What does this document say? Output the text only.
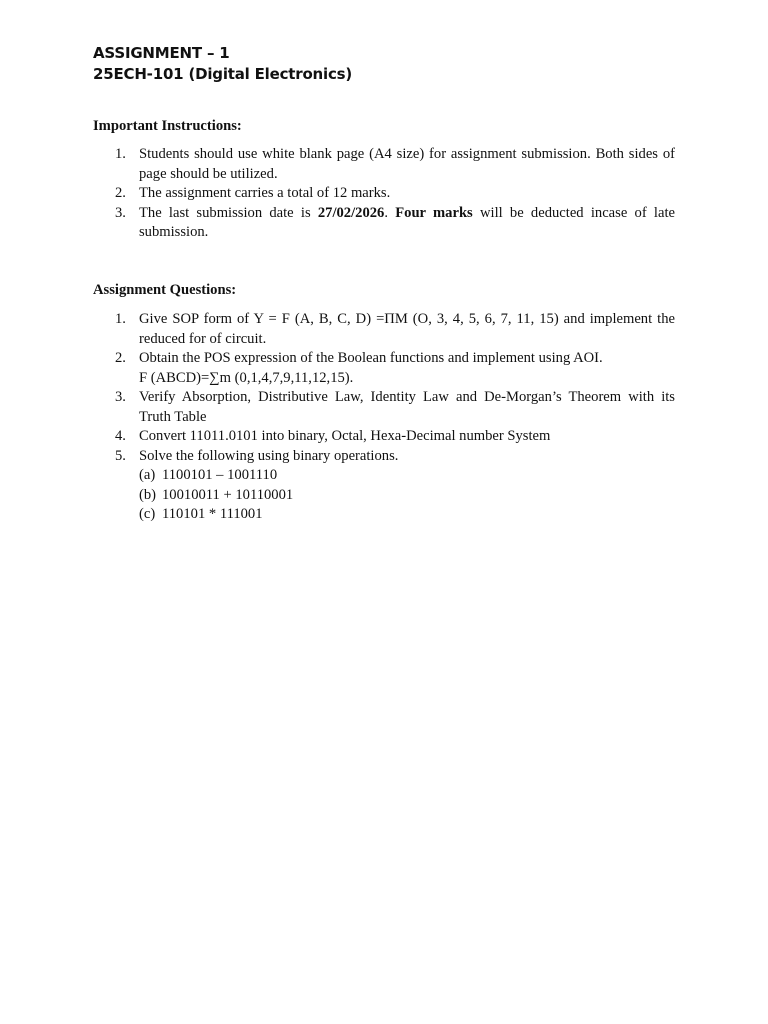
ASSIGNMENT – 1
25ECH-101 (Digital Electronics)
Important Instructions:
1. Students should use white blank page (A4 size) for assignment submission. Both sides of page should be utilized.
2. The assignment carries a total of 12 marks.
3. The last submission date is 27/02/2026. Four marks will be deducted incase of late submission.
Assignment Questions:
1. Give SOP form of Y = F (A, B, C, D) =ΠM (O, 3, 4, 5, 6, 7, 11, 15) and implement the reduced for of circuit.
2. Obtain the POS expression of the Boolean functions and implement using AOI.
F (ABCD)=∑m (0,1,4,7,9,11,12,15).
3. Verify Absorption, Distributive Law, Identity Law and De-Morgan’s Theorem with its Truth Table
4. Convert 11011.0101 into binary, Octal, Hexa-Decimal number System
5. Solve the following using binary operations.
(a) 1100101 – 1001110
(b) 10010011 + 10110001
(c) 110101 * 111001
